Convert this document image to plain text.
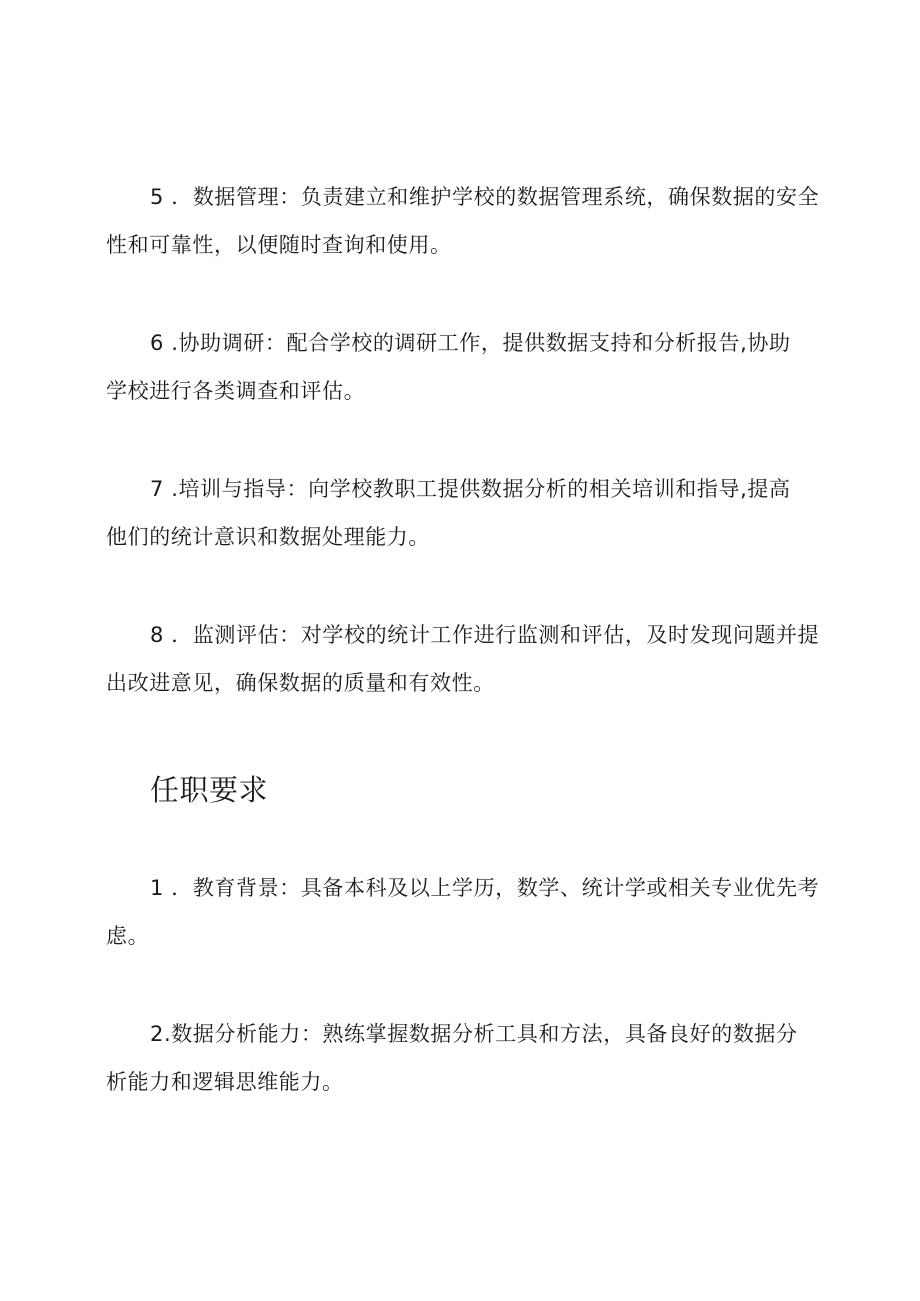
5 ．数据管理：负责建立和维护学校的数据管理系统，确保数据的安全
性和可靠性，以便随时查询和使用。

6 .协助调研：配合学校的调研工作，提供数据支持和分析报告,协助
学校进行各类调查和评估。

7 .培训与指导：向学校教职工提供数据分析的相关培训和指导,提高
他们的统计意识和数据处理能力。

8 ．监测评估：对学校的统计工作进行监测和评估，及时发现问题并提
出改进意见，确保数据的质量和有效性。

任职要求

1 ．教育背景：具备本科及以上学历，数学、统计学或相关专业优先考
虑。

2.数据分析能力：熟练掌握数据分析工具和方法，具备良好的数据分
析能力和逻辑思维能力。
